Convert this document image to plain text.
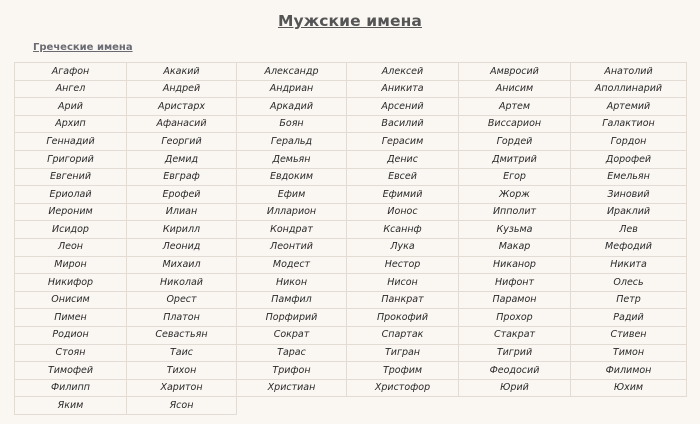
Мужские имена
Греческие имена
Агафон	Акакий	Александр	Алексей	Амвросий	Анатолий
Ангел	Андрей	Андриан	Аникита	Анисим	Аполлинарий
Арий	Аристарх	Аркадий	Арсений	Артем	Артемий
Архип	Афанасий	Боян	Василий	Виссарион	Галактион
Геннадий	Георгий	Геральд	Герасим	Гордей	Гордон
Григорий	Демид	Демьян	Денис	Дмитрий	Дорофей
Евгений	Евграф	Евдоким	Евсей	Егор	Емельян
Ериолай	Ерофей	Ефим	Ефимий	Жорж	Зиновий
Иероним	Илиан	Илларион	Ионос	Ипполит	Ираклий
Исидор	Кирилл	Кондрат	Ксаннф	Кузьма	Лев
Леон	Леонид	Леонтий	Лука	Макар	Мефодий
Мирон	Михаил	Модест	Нестор	Никанор	Никита
Никифор	Николай	Никон	Нисон	Нифонт	Олесь
Онисим	Орест	Памфил	Панкрат	Парамон	Петр
Пимен	Платон	Порфирий	Прокофий	Прохор	Радий
Родион	Севастьян	Сократ	Спартак	Стакрат	Стивен
Стоян	Таис	Тарас	Тигран	Тигрий	Тимон
Тимофей	Тихон	Трифон	Трофим	Феодосий	Филимон
Филипп	Харитон	Христиан	Христофор	Юрий	Юхим
Яким	Ясон				
